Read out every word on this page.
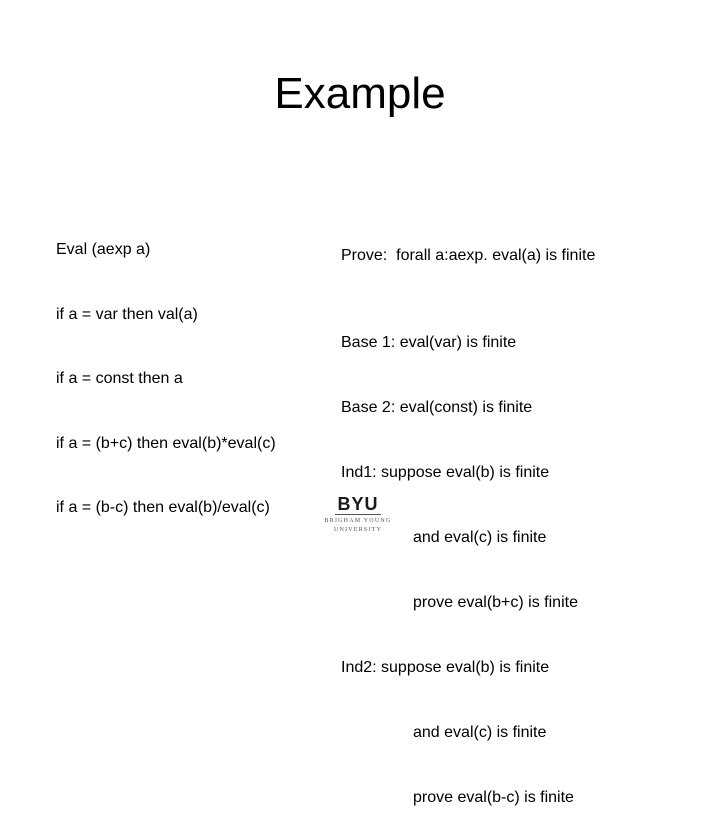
Example

Eval (aexp a)

if a = var then val(a)

if a = const then a

if a = (b+c) then eval(b)*eval(c)

if a = (b-c) then eval(b)/eval(c)

Prove:  forall a:aexp. eval(a) is finite

Base 1: eval(var) is finite

Base 2: eval(const) is finite

Ind1: suppose eval(b) is finite

and eval(c) is finite

prove eval(b+c) is finite

Ind2: suppose eval(b) is finite

and eval(c) is finite

prove eval(b-c) is finite

BYU
BRIGHAM YOUNG
UNIVERSITY
